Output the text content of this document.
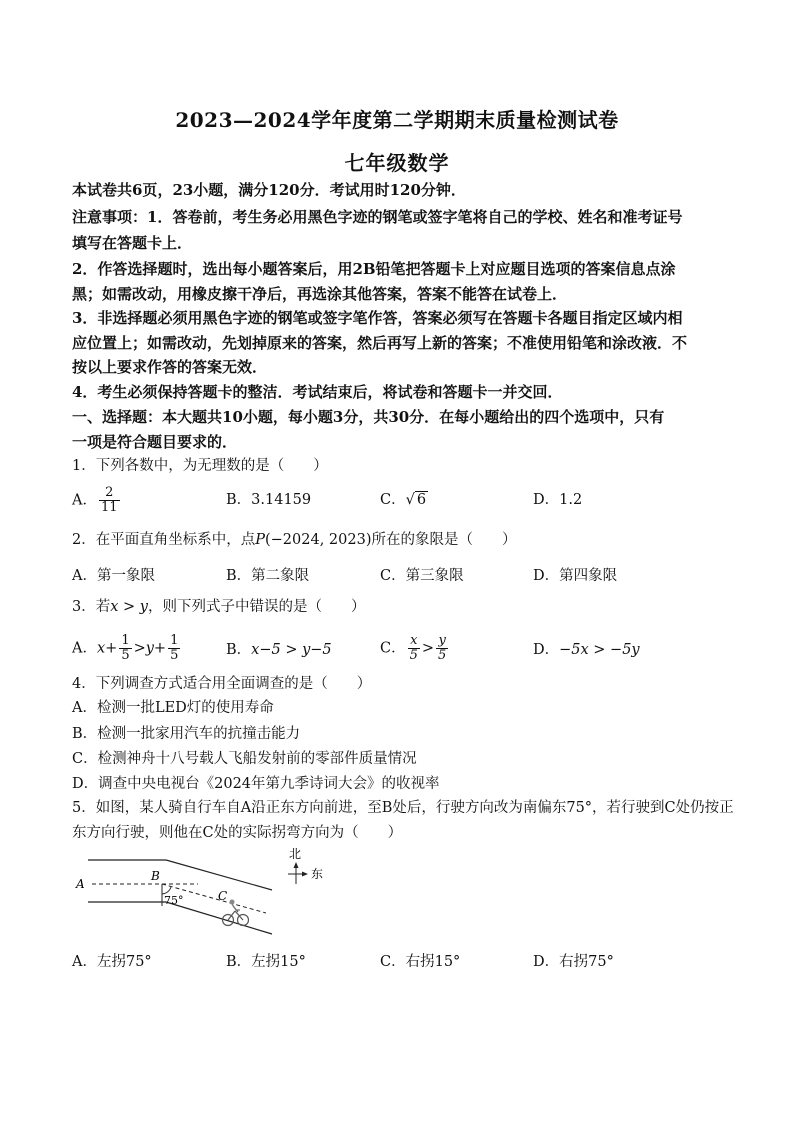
2023—2024学年度第二学期期末质量检测试卷
七年级数学
本试卷共6页，23小题，满分120分．考试用时120分钟．
注意事项：1．答卷前，考生务必用黑色字迹的钢笔或签字笔将自己的学校、姓名和准考证号
填写在答题卡上．
2．作答选择题时，选出每小题答案后，用2B铅笔把答题卡上对应题目选项的答案信息点涂
黑；如需改动，用橡皮擦干净后，再选涂其他答案，答案不能答在试卷上．
3．非选择题必须用黑色字迹的钢笔或签字笔作答，答案必须写在答题卡各题目指定区域内相
应位置上；如需改动，先划掉原来的答案，然后再写上新的答案；不准使用铅笔和涂改液．不
按以上要求作答的答案无效．
4．考生必须保持答题卡的整洁．考试结束后，将试卷和答题卡一并交回．
一、选择题：本大题共10小题，每小题3分，共30分．在每小题给出的四个选项中，只有
一项是符合题目要求的．
1．下列各数中，为无理数的是（　　）
A． $\frac{2}{11}$	B．3.14159	C．√ 6	D．1.2
2．在平面直角坐标系中，点P(−2024, 2023)所在的象限是（　　）
A．第一象限	B．第二象限	C．第三象限	D．第四象限
3．若x > y，则下列式子中错误的是（　　）
A．$x+ \frac{1}{5} >y+ \frac{1}{5}$	B．x−5 > y−5	C． $\frac{x}{5} > \frac{y}{5}$	D．−5x > −5y
4．下列调查方式适合用全面调查的是（　　）
A．检测一批LED灯的使用寿命
B．检测一批家用汽车的抗撞击能力
C．检测神舟十八号载人飞船发射前的零部件质量情况
D．调查中央电视台《2024年第九季诗词大会》的收视率
5．如图，某人骑自行车自A沿正东方向前进，至B处后，行驶方向改为南偏东75°，若行驶到C处仍按正
东方向行驶，则他在C处的实际拐弯方向为（　　）
A
B
75°	C
北
东
A．左拐75°	B．左拐15°	C．右拐15°	D．右拐75°
